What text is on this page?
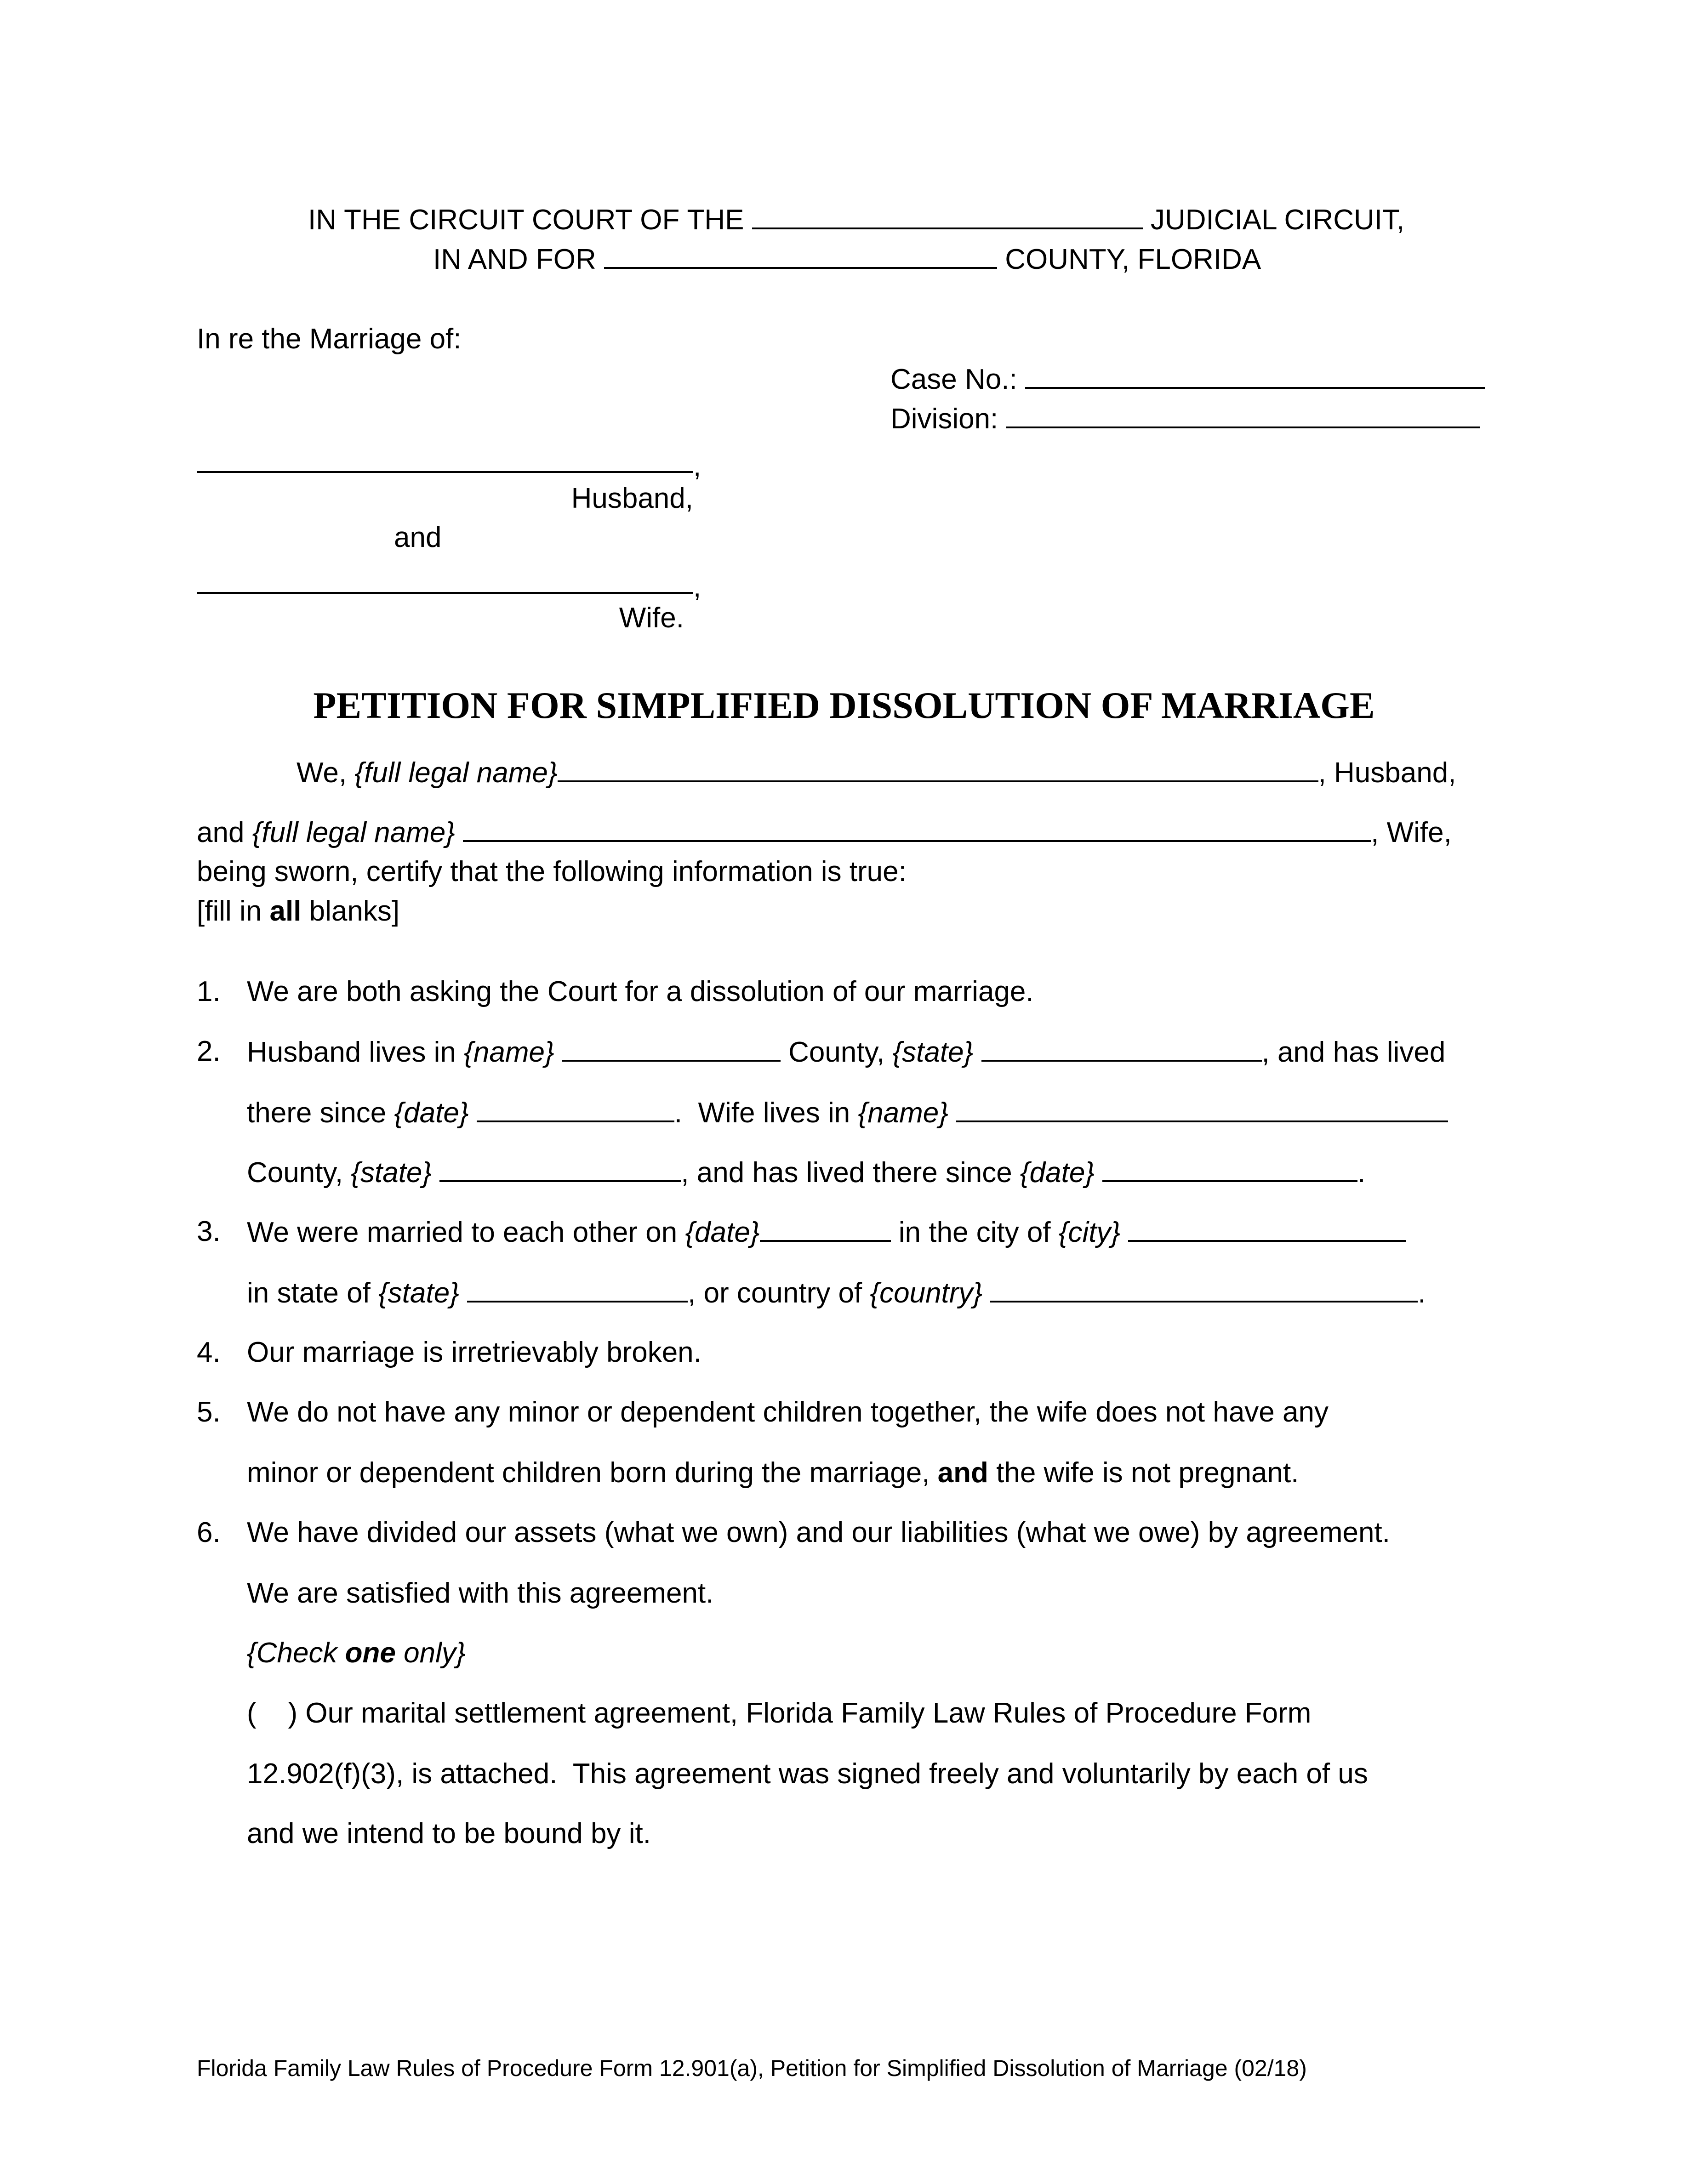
IN THE CIRCUIT COURT OF THE	JUDICIAL CIRCUIT,
IN AND FOR	COUNTY, FLORIDA
In re the Marriage of:
Case No.:
Division:
,
Husband,
and
,
Wife.
PETITION FOR SIMPLIFIED DISSOLUTION OF MARRIAGE
We, {full legal name}	, Husband,
and {full legal name}	, Wife,
being sworn, certify that the following information is true:
[fill in all blanks]
1. We are both asking the Court for a dissolution of our marriage.
2. Husband lives in {name}	County, {state}	, and has lived
there since {date}	.  Wife lives in {name}
County, {state}	, and has lived there since {date}	.
3. We were married to each other on {date}	in the city of {city}
in state of {state}	, or country of {country}	.
4. Our marriage is irretrievably broken.
5. We do not have any minor or dependent children together, the wife does not have any
minor or dependent children born during the marriage, and the wife is not pregnant.
6. We have divided our assets (what we own) and our liabilities (what we owe) by agreement.
We are satisfied with this agreement.
{Check one only}
(    ) Our marital settlement agreement, Florida Family Law Rules of Procedure Form
12.902(f)(3), is attached.  This agreement was signed freely and voluntarily by each of us
and we intend to be bound by it.
Florida Family Law Rules of Procedure Form 12.901(a), Petition for Simplified Dissolution of Marriage (02/18)
